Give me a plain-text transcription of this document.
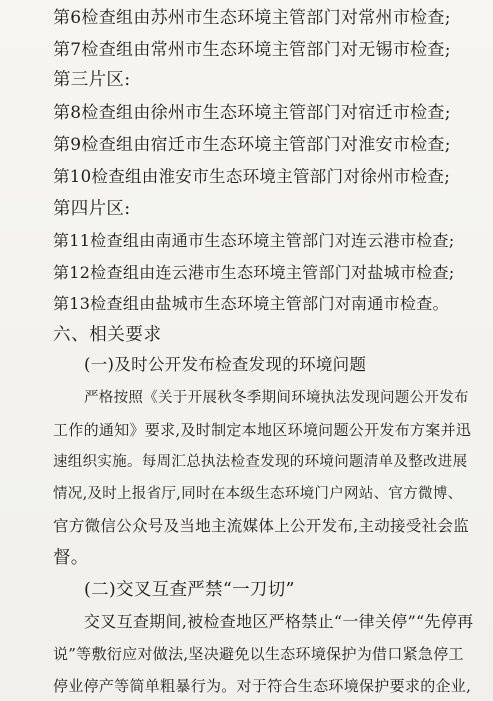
第6检查组由苏州市生态环境主管部门对常州市检查;
第7检查组由常州市生态环境主管部门对无锡市检查;
第三片区:
第8检查组由徐州市生态环境主管部门对宿迁市检查;
第9检查组由宿迁市生态环境主管部门对淮安市检查;
第10检查组由淮安市生态环境主管部门对徐州市检查;
第四片区:
第11检查组由南通市生态环境主管部门对连云港市检查;
第12检查组由连云港市生态环境主管部门对盐城市检查;
第13检查组由盐城市生态环境主管部门对南通市检查。
六、相关要求
(一)及时公开发布检查发现的环境问题
严格按照《关于开展秋冬季期间环境执法发现问题公开发布
工作的通知》要求,及时制定本地区环境问题公开发布方案并迅
速组织实施。每周汇总执法检查发现的环境问题清单及整改进展
情况,及时上报省厅,同时在本级生态环境门户网站、官方微博、
官方微信公众号及当地主流媒体上公开发布,主动接受社会监
督。
(二)交叉互查严禁“一刀切”
交叉互查期间,被检查地区严格禁止“一律关停”“先停再
说”等敷衍应对做法,坚决避免以生态环境保护为借口紧急停工
停业停产等简单粗暴行为。对于符合生态环境保护要求的企业,
